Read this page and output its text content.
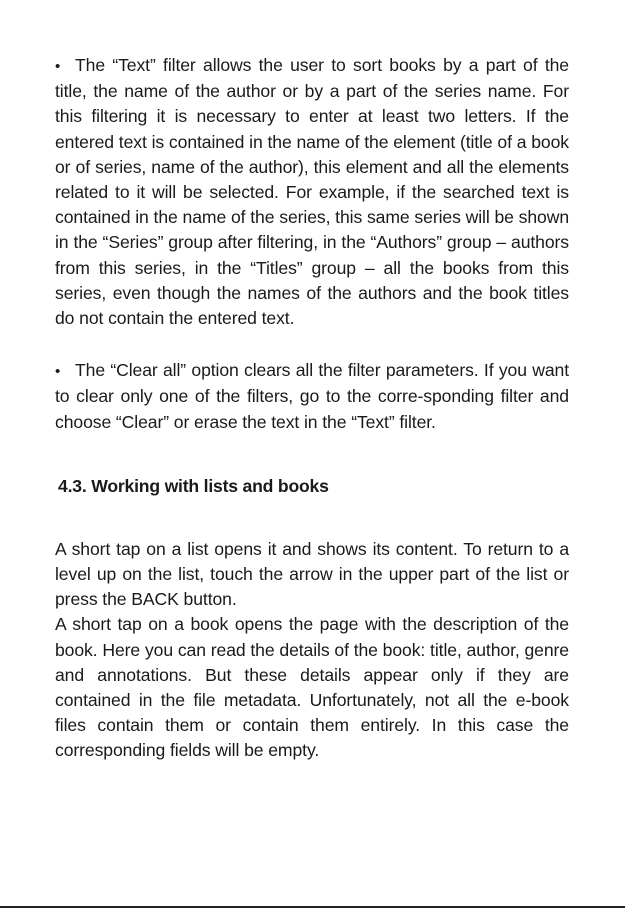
• The “Text” filter allows the user to sort books by a part of the title, the name of the author or by a part of the series name. For this filtering it is necessary to enter at least two letters. If the entered text is contained in the name of the element (title of a book or of series, name of the author), this element and all the elements related to it will be selected. For example, if the searched text is contained in the name of the series, this same series will be shown in the “Series” group after filtering, in the “Authors” group – authors from this series, in the “Titles” group – all the books from this series, even though the names of the authors and the book titles do not contain the entered text.

• The “Clear all” option clears all the filter parameters. If you want to clear only one of the filters, go to the corre-sponding filter and choose “Clear” or erase the text in the “Text” filter.

4.3. Working with lists and books

A short tap on a list opens it and shows its content. To return to a level up on the list, touch the arrow in the upper part of the list or press the BACK button.

A short tap on a book opens the page with the description of the book. Here you can read the details of the book: title, author, genre and annotations. But these details appear only if they are contained in the file metadata. Unfortunately, not all the e-book files contain them or contain them entirely. In this case the corresponding fields will be empty.
